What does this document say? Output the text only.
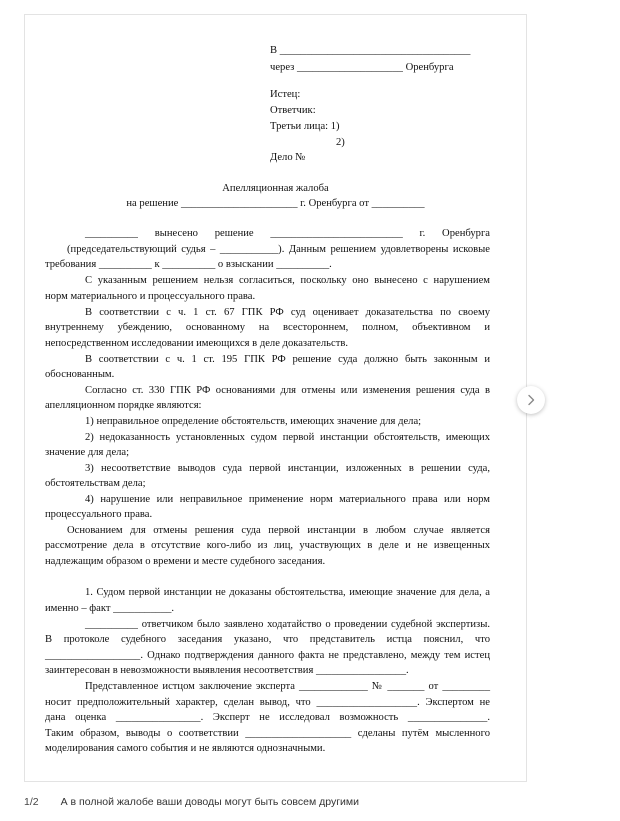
В ____________________________________
через ____________________ Оренбурга
Истец:
Ответчик:
Третьи лица: 1)
2)
Дело №
Апелляционная жалоба
на решение ______________________ г. Оренбурга от __________
__________ вынесено решение _________________________ г. Оренбурга
(председательствующий судья – ___________). Данным решением удовлетворены исковые
требования __________ к __________ о взыскании __________.
С указанным решением нельзя согласиться, поскольку оно вынесено с нарушением
норм материального и процессуального права.
В соответствии с ч. 1 ст. 67 ГПК РФ суд оценивает доказательства по своему
внутреннему убеждению, основанному на всестороннем, полном, объективном и
непосредственном исследовании имеющихся в деле доказательств.
В соответствии с ч. 1 ст. 195 ГПК РФ решение суда должно быть законным и
обоснованным.
Согласно ст. 330 ГПК РФ основаниями для отмены или изменения решения суда в
апелляционном порядке являются:
1) неправильное определение обстоятельств, имеющих значение для дела;
2) недоказанность установленных судом первой инстанции обстоятельств, имеющих
значение для дела;
3) несоответствие выводов суда первой инстанции, изложенных в решении суда,
обстоятельствам дела;
4) нарушение или неправильное применение норм материального права или норм
процессуального права.
Основанием для отмены решения суда первой инстанции в любом случае является
рассмотрение дела в отсутствие кого-либо из лиц, участвующих в деле и не извещенных
надлежащим образом о времени и месте судебного заседания.
1. Судом первой инстанции не доказаны обстоятельства, имеющие значение для дела, а
именно – факт ___________.
__________ ответчиком было заявлено ходатайство о проведении судебной экспертизы.
В протоколе судебного заседания указано, что представитель истца пояснил, что
__________________. Однако подтверждения данного факта не представлено, между тем истец
заинтересован в невозможности выявления несоответствия _________________.
Представленное истцом заключение эксперта _____________ № _______ от _________
носит предположительный характер, сделан вывод, что ___________________. Экспертом не
дана оценка ________________. Эксперт не исследовал возможность _______________.
Таким образом, выводы о соответствии ____________________ сделаны путём мысленного
моделирования самого события и не являются однозначными.
1/2 А в полной жалобе ваши доводы могут быть совсем другими
